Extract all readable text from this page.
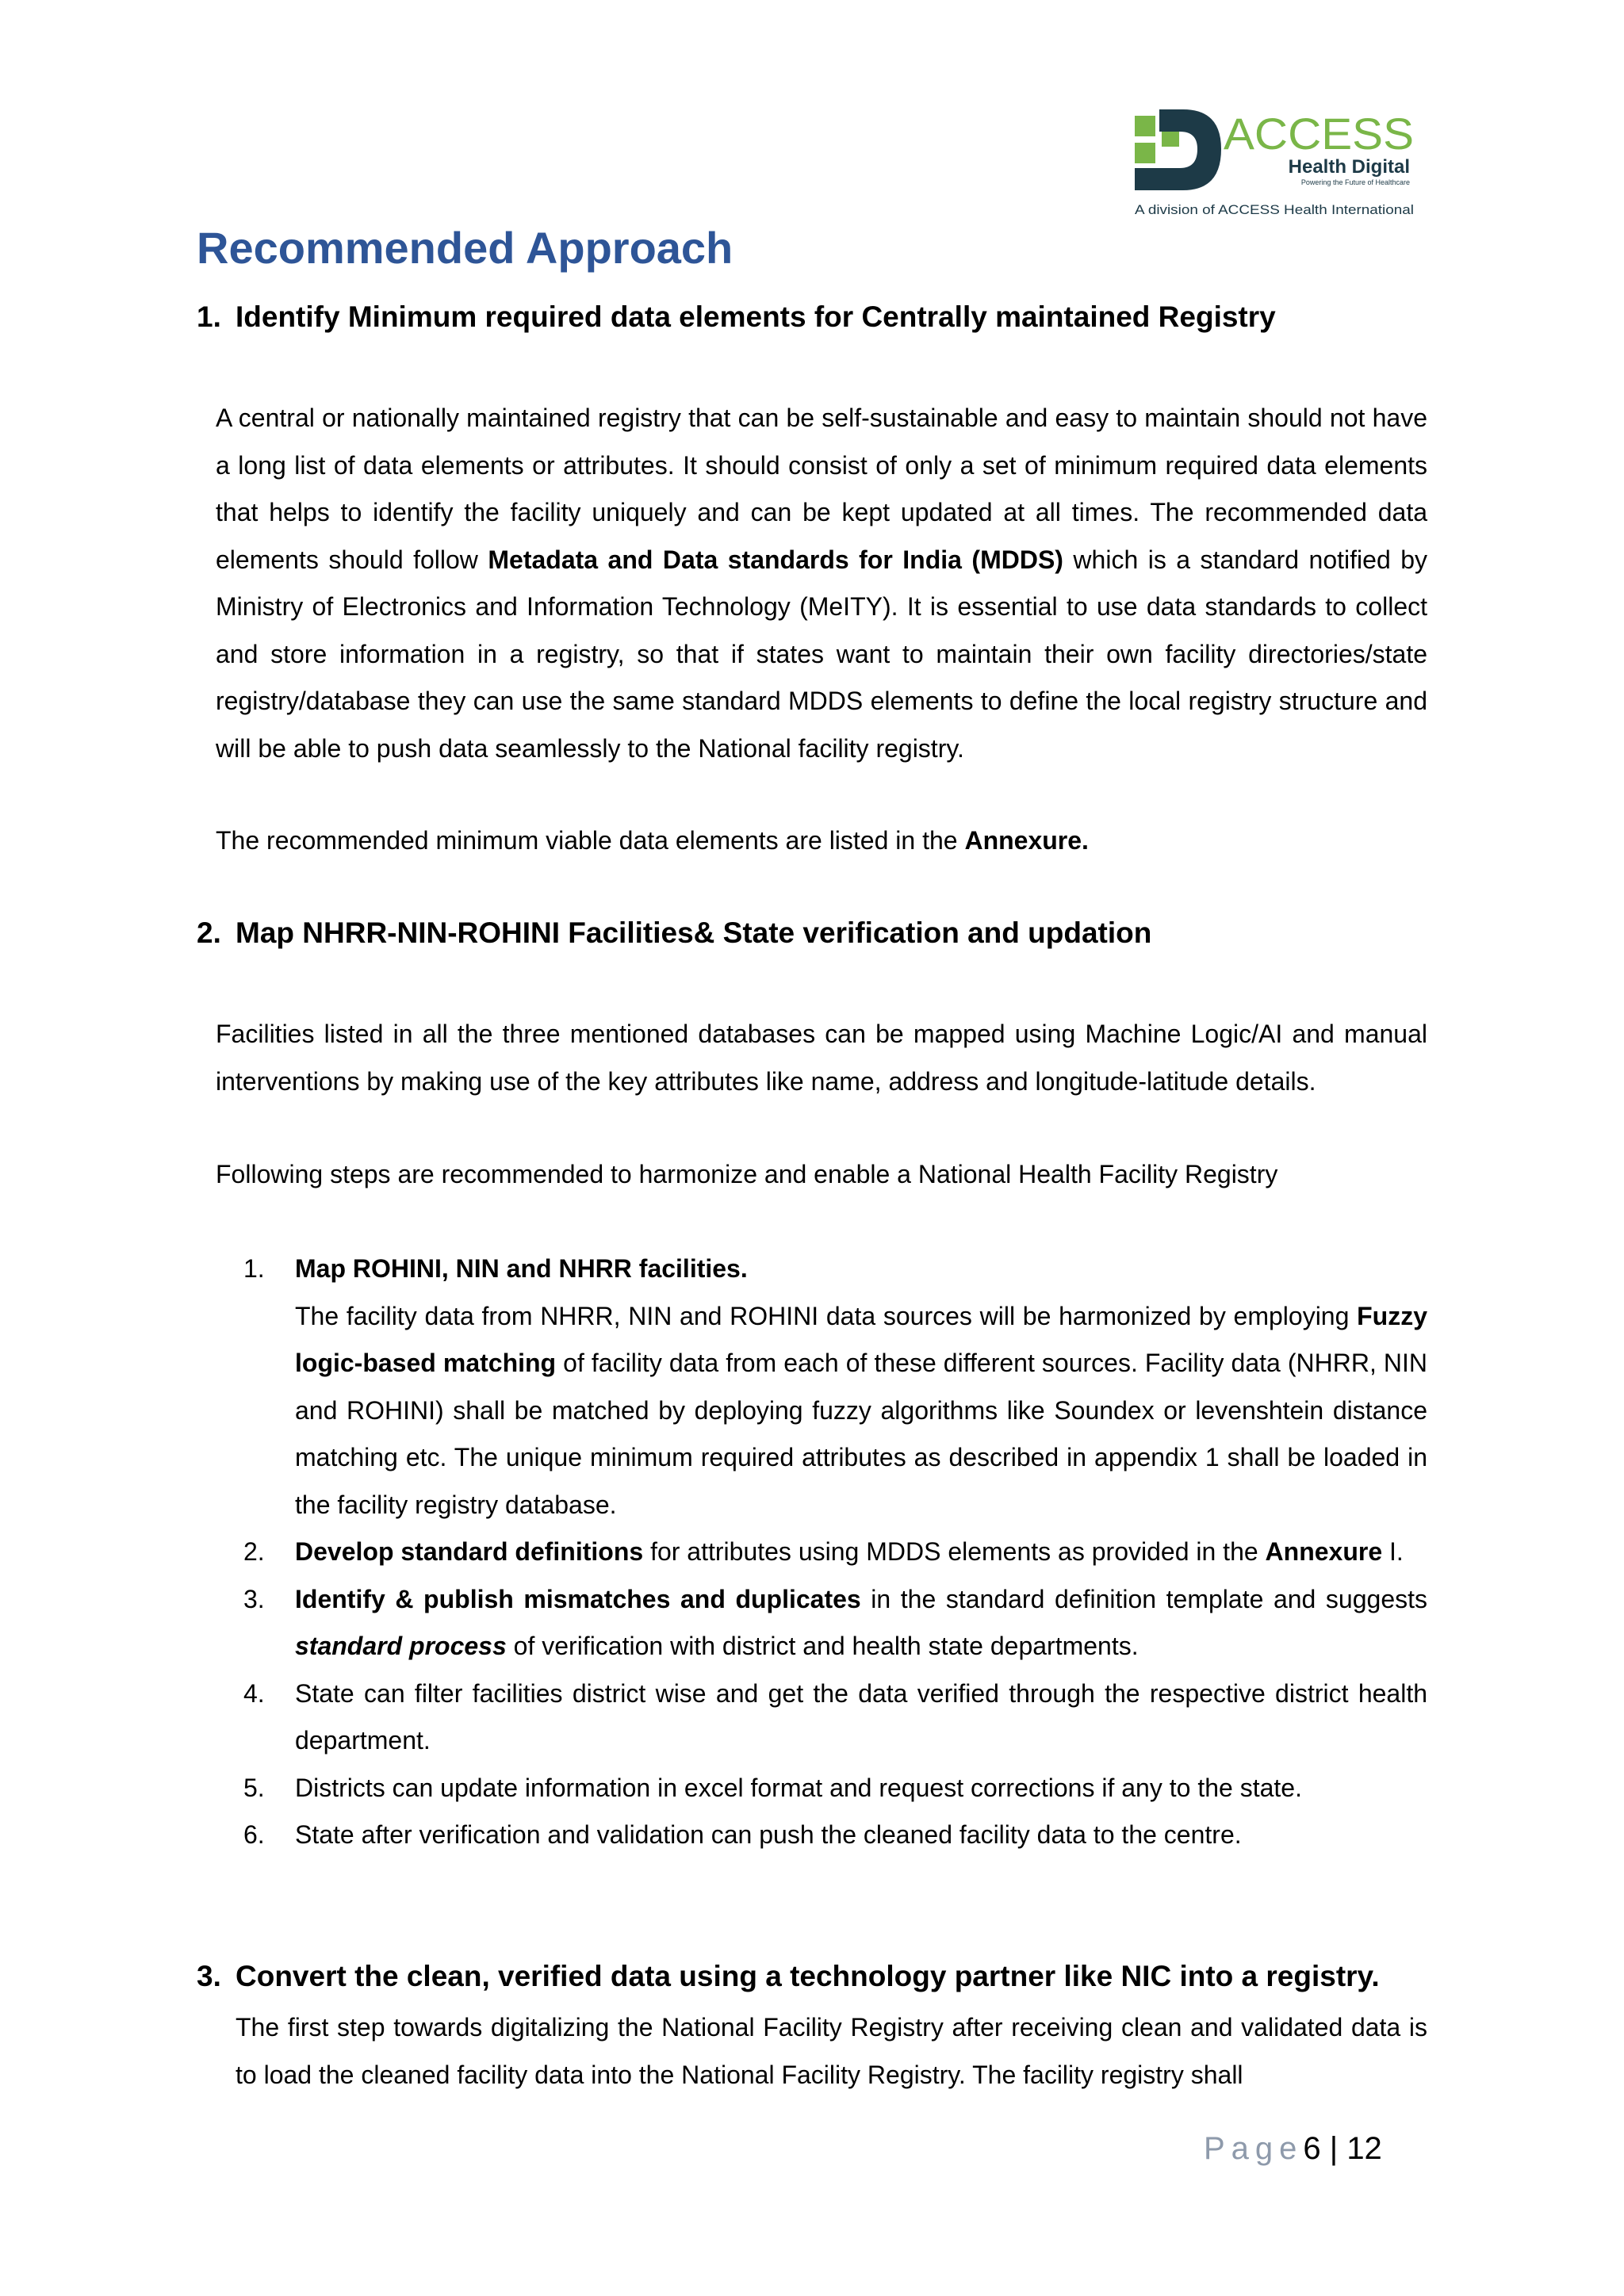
ACCESS
Health Digital
Powering the Future of Healthcare
A division of ACCESS Health International
Recommended Approach
1. Identify Minimum required data elements for Centrally maintained Registry

A central or nationally maintained registry that can be self-sustainable and easy to maintain should not have a long list of data elements or attributes. It should consist of only a set of minimum required data elements that helps to identify the facility uniquely and can be kept updated at all times. The recommended data elements should follow Metadata and Data standards for India (MDDS) which is a standard notified by Ministry of Electronics and Information Technology (MeITY). It is essential to use data standards to collect and store information in a registry, so that if states want to maintain their own facility directories/state registry/database they can use the same standard MDDS elements to define the local registry structure and will be able to push data seamlessly to the National facility registry.

The recommended minimum viable data elements are listed in the Annexure.

2. Map NHRR-NIN-ROHINI Facilities& State verification and updation

Facilities listed in all the three mentioned databases can be mapped using Machine Logic/AI and manual interventions by making use of the key attributes like name, address and longitude-latitude details.

Following steps are recommended to harmonize and enable a National Health Facility Registry

1. Map ROHINI, NIN and NHRR facilities.
The facility data from NHRR, NIN and ROHINI data sources will be harmonized by employing Fuzzy logic-based matching of facility data from each of these different sources. Facility data (NHRR, NIN and ROHINI) shall be matched by deploying fuzzy algorithms like Soundex or levenshtein distance matching etc. The unique minimum required attributes as described in appendix 1 shall be loaded in the facility registry database.
2. Develop standard definitions for attributes using MDDS elements as provided in the Annexure I.
3. Identify & publish mismatches and duplicates in the standard definition template and suggests standard process of verification with district and health state departments.
4. State can filter facilities district wise and get the data verified through the respective district health department.
5. Districts can update information in excel format and request corrections if any to the state.
6. State after verification and validation can push the cleaned facility data to the centre.
3. Convert the clean, verified data using a technology partner like NIC into a registry.

The first step towards digitalizing the National Facility Registry after receiving clean and validated data is to load the cleaned facility data into the National Facility Registry. The facility registry shall

Page6 | 12
